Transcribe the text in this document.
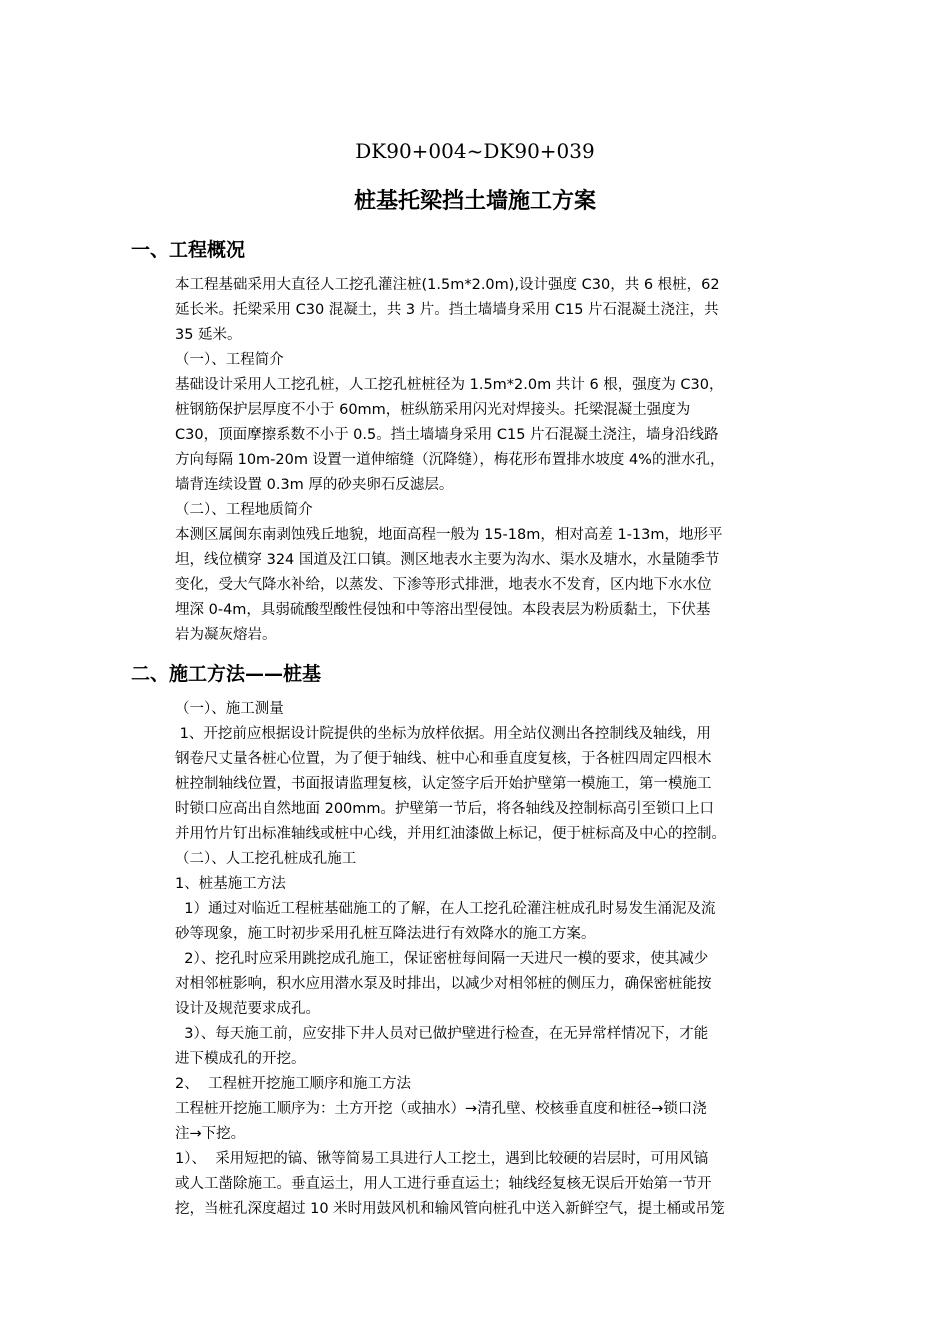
DK90+004~DK90+039
桩基托梁挡土墙施工方案
一、工程概况
本工程基础采用大直径人工挖孔灌注桩(1.5m*2.0m),设计强度 C30，共 6 根桩，62
延长米。托梁采用 C30 混凝土，共 3 片。挡土墙墙身采用 C15 片石混凝土浇注，共
35 延米。
（一）、工程简介
基础设计采用人工挖孔桩，人工挖孔桩桩径为 1.5m*2.0m 共计 6 根，强度为 C30，
桩钢筋保护层厚度不小于 60mm，桩纵筋采用闪光对焊接头。托梁混凝土强度为
C30，顶面摩擦系数不小于 0.5。挡土墙墙身采用 C15 片石混凝土浇注，墙身沿线路
方向每隔 10m-20m 设置一道伸缩缝（沉降缝），梅花形布置排水坡度 4%的泄水孔，
墙背连续设置 0.3m 厚的砂夹卵石反滤层。
（二）、工程地质简介
本测区属闽东南剥蚀残丘地貌，地面高程一般为 15-18m，相对高差 1-13m，地形平
坦，线位横穿 324 国道及江口镇。测区地表水主要为沟水、渠水及塘水，水量随季节
变化，受大气降水补给，以蒸发、下渗等形式排泄，地表水不发育，区内地下水水位
埋深 0-4m，具弱硫酸型酸性侵蚀和中等溶出型侵蚀。本段表层为粉质黏土，下伏基
岩为凝灰熔岩。
二、施工方法——桩基
（一）、施工测量
1、开挖前应根据设计院提供的坐标为放样依据。用全站仪测出各控制线及轴线，用
钢卷尺丈量各桩心位置，为了便于轴线、桩中心和垂直度复核，于各桩四周定四根木
桩控制轴线位置，书面报请监理复核，认定签字后开始护壁第一模施工，第一模施工
时锁口应高出自然地面 200mm。护壁第一节后，将各轴线及控制标高引至锁口上口
并用竹片钉出标准轴线或桩中心线，并用红油漆做上标记，便于桩标高及中心的控制。
（二）、人工挖孔桩成孔施工
1、桩基施工方法
1）通过对临近工程桩基础施工的了解，在人工挖孔砼灌注桩成孔时易发生涌泥及流
砂等现象，施工时初步采用孔桩互降法进行有效降水的施工方案。
2）、挖孔时应采用跳挖成孔施工，保证密桩每间隔一天进尺一模的要求，使其减少
对相邻桩影响，积水应用潜水泵及时排出，以减少对相邻桩的侧压力，确保密桩能按
设计及规范要求成孔。
3）、每天施工前，应安排下井人员对已做护壁进行检查，在无异常样情况下，才能
进下模成孔的开挖。
2、  工程桩开挖施工顺序和施工方法
工程桩开挖施工顺序为：土方开挖（或抽水）→清孔壁、校核垂直度和桩径→锁口浇
注→下挖。
1）、  采用短把的镐、锹等简易工具进行人工挖土，遇到比较硬的岩层时，可用风镐
或人工凿除施工。垂直运土，用人工进行垂直运土；轴线经复核无误后开始第一节开
挖，当桩孔深度超过 10 米时用鼓风机和输风管向桩孔中送入新鲜空气，提土桶或吊笼
